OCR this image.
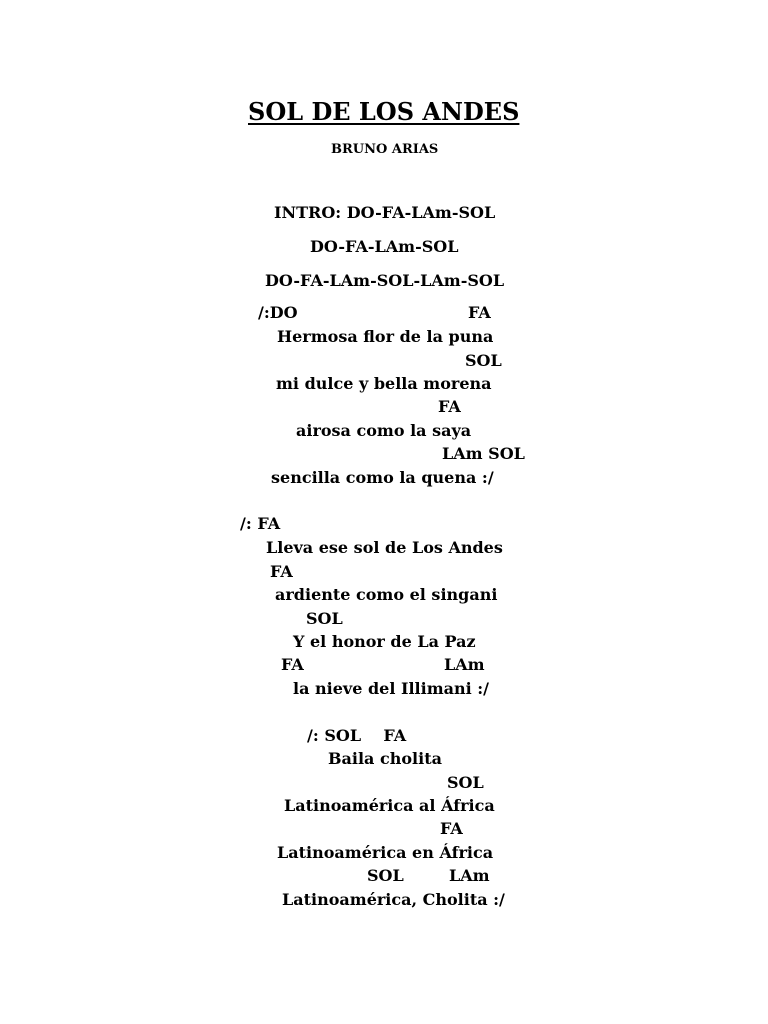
SOL DE LOS ANDES
BRUNO ARIAS
INTRO: DO-FA-LAm-SOL
DO-FA-LAm-SOL
DO-FA-LAm-SOL-LAm-SOL
/:DO	FA
Hermosa flor de la puna
SOL
mi dulce y bella morena
FA
airosa como la saya
LAm SOL
sencilla como la quena :/
/: FA
Lleva ese sol de Los Andes
FA
ardiente como el singani
SOL
Y el honor de La Paz
FA	LAm
la nieve del Illimani :/
/: SOL    FA
Baila cholita
SOL
Latinoamérica al África
FA
Latinoamérica en África
SOL	LAm
Latinoamérica, Cholita :/
